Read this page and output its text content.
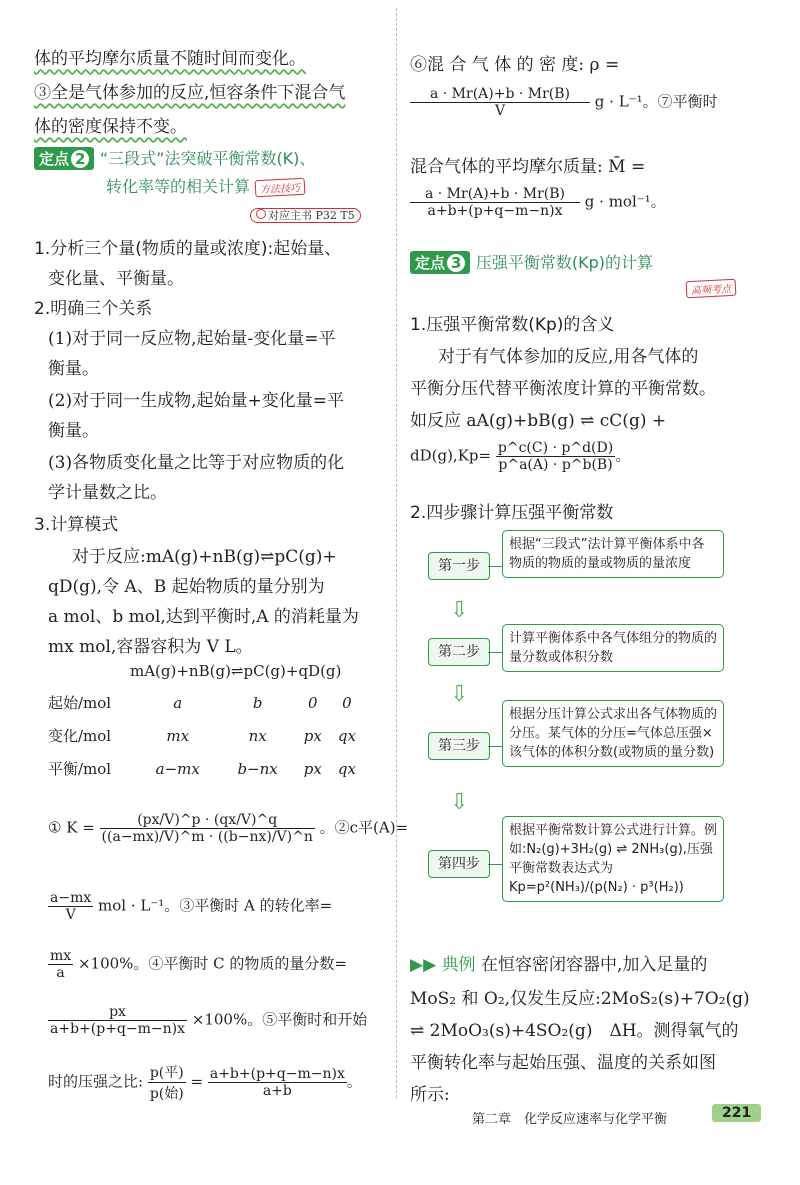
体的平均摩尔质量不随时间而变化。
③全是气体参加的反应,恒容条件下混合气
体的密度保持不变。
定点 2 “三段式”法突破平衡常数(K)、
转化率等的相关计算 方法技巧
对应主书 P32 T5
1.分析三个量(物质的量或浓度):起始量、
变化量、平衡量。
2.明确三个关系
(1)对于同一反应物,起始量-变化量=平
衡量。
(2)对于同一生成物,起始量+变化量=平
衡量。
(3)各物质变化量之比等于对应物质的化
学计量数之比。
3.计算模式
对于反应:mA(g)+nB(g)⇌pC(g)+
qD(g),令 A、B 起始物质的量分别为
a mol、b mol,达到平衡时,A 的消耗量为
mx mol,容器容积为 V L。
mA(g)+nB(g)⇌pC(g)+qD(g)
起始/mol	a	b	0	0
变化/mol	mx	nx	px	qx
平衡/mol	a−mx	b−nx	px	qx
① $K = \frac{(px/V)\^{}p \cdot (qx/V)\^{}q}{((a-mx)/V)\^{}m \cdot ((b-nx)/V)\^{}n}$ 。②c平(A)=
$\frac{a-mx}{V}$ mol · L⁻¹。③平衡时 A 的转化率=
$\frac{mx}{a} \times 100\%$。④平衡时 C 的物质的量分数=
$\frac{px}{a+b+(p+q-m-n)x} \times 100\%$。⑤平衡时和开始
时的压强之比: $\frac{\text{p(平)}}{\text{p(始)}} = \frac{a+b+(p+q-m-n)x}{a+b}$ 。
⑥混 合 气 体 的 密 度: ρ =
$\frac{a \cdot Mr(A)+b \cdot Mr(B)}{V}$ g · L⁻¹。⑦平衡时
混合气体的平均摩尔质量: M̄ =
$\frac{a \cdot Mr(A)+b \cdot Mr(B)}{a+b+(p+q-m-n)x}$ g · mol⁻¹。
定点 3 压强平衡常数(Kp)的计算
高频考点
1.压强平衡常数(Kp)的含义
对于有气体参加的反应,用各气体的
平衡分压代替平衡浓度计算的平衡常数。
如反应 aA(g)+bB(g) ⇌ cC(g) +
$dD(g),Kp= \frac{p\^{}c(C) \cdot p\^{}d(D)}{p\^{}a(A) \cdot p\^{}b(B)}$ 。
2.四步骤计算压强平衡常数
第一步
根据“三段式”法计算平衡体系中各物质的物质的量或物质的量浓度
⇩
第二步
计算平衡体系中各气体组分的物质的量分数或体积分数
⇩
第三步
根据分压计算公式求出各气体物质的分压。某气体的分压=气体总压强×该气体的体积分数(或物质的量分数)
⇩
第四步
根据平衡常数计算公式进行计算。例如:N₂(g)+3H₂(g) ⇌ 2NH₃(g),压强平衡常数表达式为Kp=p²(NH₃)/(p(N₂) · p³(H₂))
▶▶ 典例 在恒容密闭容器中,加入足量的
MoS₂ 和 O₂,仅发生反应:2MoS₂(s)+7O₂(g)
⇌ 2MoO₃(s)+4SO₂(g)　ΔH。测得氧气的
平衡转化率与起始压强、温度的关系如图
所示:
第二章　化学反应速率与化学平衡	221
